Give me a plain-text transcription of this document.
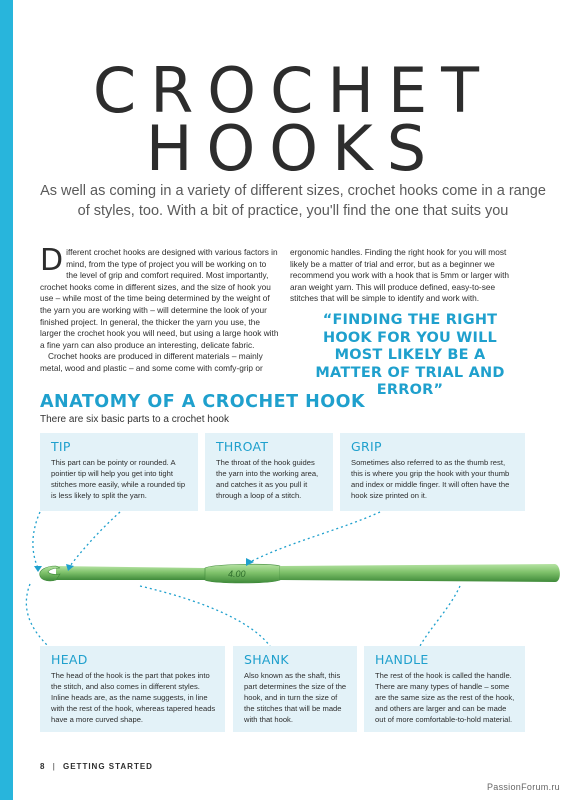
CROCHET
HOOKS
As well as coming in a variety of different sizes, crochet hooks come in a range of styles, too. With a bit of practice, you'll find the one that suits you

Different crochet hooks are designed with various factors in mind, from the type of project you will be working on to the level of grip and comfort required. Most importantly, crochet hooks come in different sizes, and the size of hook you use – while most of the time being determined by the weight of the yarn you are working with – will determine the look of your finished project. In general, the thicker the yarn you use, the larger the crochet hook you will need, but using a large hook with a fine yarn can also produce an interesting, delicate fabric.

Crochet hooks are produced in different materials – mainly metal, wood and plastic – and some come with comfy-grip or

ergonomic handles. Finding the right hook for you will most likely be a matter of trial and error, but as a beginner we recommend you work with a hook that is 5mm or larger with aran weight yarn. This will produce defined, easy-to-see stitches that will be simple to identify and work with.

“FINDING THE RIGHT HOOK FOR YOU WILL MOST LIKELY BE A MATTER OF TRIAL AND ERROR”
ANATOMY OF A CROCHET HOOK
There are six basic parts to a crochet hook
4.00
TIP
This part can be pointy or rounded. A pointier tip will help you get into tight stitches more easily, while a rounded tip is less likely to split the yarn.
THROAT
The throat of the hook guides the yarn into the working area, and catches it as you pull it through a loop of a stitch.
GRIP
Sometimes also referred to as the thumb rest, this is where you grip the hook with your thumb and index or middle finger. It will often have the hook size printed on it.
HEAD
The head of the hook is the part that pokes into the stitch, and also comes in different styles. Inline heads are, as the name suggests, in line with the rest of the hook, whereas tapered heads have a more curved shape.
SHANK
Also known as the shaft, this part determines the size of the hook, and in turn the size of the stitches that will be made with that hook.
HANDLE
The rest of the hook is called the handle. There are many types of handle – some are the same size as the rest of the hook, and others are larger and can be made out of more comfortable-to-hold material.
8 | GETTING STARTED
PassionForum.ru
